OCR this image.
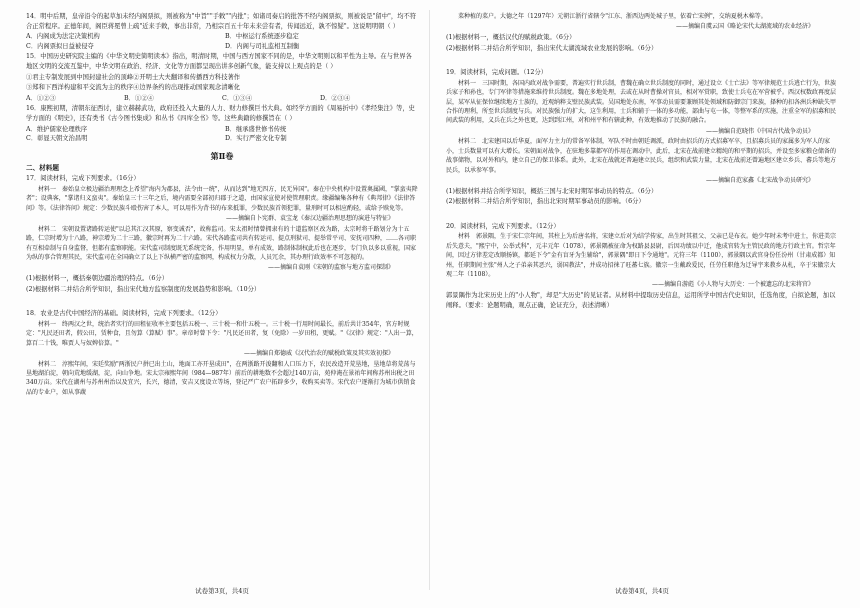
14．明中后期，皇帝沿令的起草加未经内阁票拟，则被称为"中旨""手敕""内批"；如诸司奏启的批答不经内阁票拟，则被说是"留中"，均不符合正常程序。正德年间，阁臣蒋冕曾上疏"近来手敕，事出非常，乃相宗百五十年未来尝有者，传闻远近，孰不惊疑"。这说明明朝（ ）

A．内阁成为法定决策机构	B．中枢运行系统逐步稳定
C．内阁票拟日益被侵夺	D．内阁与司礼监相互制衡

15．中国历史研究院主编的《中华文明史简明读本》指出，明清时期，中国与西方国家不同的是，中华文明则以和平性为主导。在与世界各地区文明的交流互鉴中，中华文明在政治、经济、文化等方面都呈现出讲多创新气象，能支持以上观点的是（ ）

①君主专制发展到中国封建社会的顶峰②开明士大夫翻译和传播西方科技著作

③郑和下西洋构建和平交流为主的秩序④边界条约的出现推动国家观念清晰化

A．①②③	B．①②④	C．①③④	D．②③④

16．康熙初期，清朝东征西讨，建立赫赫武功，政府还投入大量的人力、财力修撰巨书大典。如经学方面的《周易折中》《孝经集注》等，史学方面的《明史》，还有类书《古今图书集成》和丛书《四库全书》等。这些典籍的修撰旨在（ ）

A．维护儒家伦理秩序	B．继承盛世修书传统
C．彰显天朝文治昌明	D．实行严密文化专制
第Ⅱ卷
二、材料题

17．阅读材料，完成下列要求。（16分）

材料一　秦始皇立极边疆治理理念上希望"海内为郡县，法令由一统"，从而达到"地无四方，民无异国"。秦在中央机构中设置奥属國，"掌蛮夷降者"；设典客，"掌诸归义蛮夷"。秦始皇三十三年之后，境内需要全部初归郡于之道，由国家宣使对使管理职责。缘疆编集各种有《典邦律》《法律答问》等。《法律答问》规定：少数民族斗殴伤害了本人，可以用作为背书的布来抵罪，少数民族首领犯罪，量刑时可以相应酌轻，或给予赎免等。

——摘编自卜宪群、袁宝龙《秦汉边疆治理思想的演进与特征》

材料二　宋朝设置诸路转运使"以总其汇汉其原，察变诚否"，故称监司。宋太祖时情曾拥隶有的十道监察区改为路，太宗时将千路划分为十五路，仁宗时增为十八路，神宗增为二十三路，徽宗时再为二十六路。宋代各路监司共有转运司、提点刑狱司、提举常平司、安抚司四种，……各司职有互相牵制与自身监督，但都有监察职能。宋代监司制度既无系统完备，作用明显，单有成效，路制体制权此后也在逐步，专门负以多以重视，国家为纵的事合管理其民，宋代监司在全国确立了以上下纵横严密的监察网，构成权力分散，人员冗余，其办理行政效率不可忽视的。

——摘编自袁刚《宋朝的监察与地方监司探制》

(1)根据材料一，概括秦朝边疆治理的特点。（6分）

(2)根据材料二并结合所学知识，指出宋代地方监察制度的发展趋势和影响。（10分）

18．农业是古代中国经济的基础。阅读材料，完成下列要求。（12分）

材料一　终两汉之世，统治者实行的田租征收率主要包括五税一、三十税一和什五税一。三十税一行用时间最长，前后共计354年，官方时规定："凡民还田者，假公田，赁种食，且勿算（算赋）事"。章帝时曾下令："凡民还田者，复（免除）一岁田租，更赋。"《汉律》规定："人出一算，算百二十钱，唯贾人与奴婢倍算。"

——摘编自郑德威《汉代治农的赋税政策及其实效初探》

材料二　淳熙年间，宋廷奖励"两浙民户拼已出土山，地面工亦开垦成田"，在两浙路开浚翻和人口压力下，农民改造开荒垦地，垦地草将荒荡与垦地湖泊淀，朝向荒地缓湖，淀，向山争地。宋太宗雍熙年间（984—987年）前后的耕地数不会超过140万亩，苑仲淹在景祐年间称苏州出税之田340万亩。宋代在湖州与苏州州治以及宜兴，长兴，德清，安吉又度设立等场，登记严广农户拓辟多少，收购买卖等。宋代农户逐渐打为城市供销食品的专业户，如从事蔬

试卷第3页，共4页

菜种植的菜户。大德之年（1297年）元朝江浙行省辖令"江东、浙西边两处城子里，依着亡宋例"，交纳夏税木棉等。

——摘编自虞云国《略论宋代太湖流域的农业经济》

(1)根据材料一，概括汉代的赋税政策。（6分）

(2)根据材料二并结合所学知识，指出宋代太湖流域农业发展的影响。（6分）

19．阅读材料，完成问题。（12分）

材料一　三国时期，各国内政对战争需要，普遍实行世兵制，曹魏在确立世兵制度的同时，通过设立《士亡法》等军律规范士兵逃亡行为，世族兵家子和孙也，专门军律等措施来维持世兵制度。魏在多地处理，去或在从时曹操对官员，相对军赏职，致使士兵屯在军营被乎。西汉权数政再度层层，某军从征保位继续地方士族的，近观纳粹支壁民族武装。吴国地处东南，军事动员需要兼顾其处领域和防御宗门来族，择种的扣各洲兵种缺失甲合作的理利，所至世兵制度与兵。对民族强力的扩大，这生利用，士兵和辅于一体的多功能，部曲与屯一体，等整军系的实施，注重全军的招募和民间武装的利用，义兵在兵之外也更，达到到江州，对和州平和有辖此种，有效地推动了民族的融合。

——摘编自范晓伟《中国古代战争动员》

材料二　北宋建国以后华夏，面军力主力的常备军体制，军队不时由朝廷调派，政时由招兵的方式招募军卒，且招募兵员的家属多为军人的家小，士兵数量可以有大增长。宋朝面对战争，在驻地多靠都军的作用在调动中，此后，北宋在战前建立精纯的和平期的招兵，并设至多家粮仓储备的战事储物，以对外和内，建立自己的保卫体系。此外，北宋在战就还普遍建立民兵，组织和武装力量，北宋在战前还曾遍地区建立乡兵、蕃兵等地方民兵，以承参军事。

——摘编自范家鑫《北宋战争动员研究》

(1)根据材料并结合所学知识，概括三国与北宋时期军事动员的特点。（6分）

(2)根据材料二并结合所学知识，指出北宋时期军事动员的影响。（6分）

20．阅读材料，完成下列要求。（12分）

材料　郭景隅，生于宋仁宗年间，其柱上为后唐名将，宋建立后对为结学传家，出生时其祖父、父亲已是布衣。她少年时未考中进士，你进美宗后失意夫，"熙宁中，公举式科"，元丰元年（1078），郭景隅被征命为权路县县尉，后因功绩以中迁，他成官转为主管民政的地方行政主官。哲宗年间，因过方律差定改顺扬镇，都延下令"金有盲牙为生辅给"，郭景隅"即日下令通地"。元符三年（1100），郭景隅以武官身份任汾州（甘肃成都）知州，任职期间主张"州人之子弟亲其恶兴，弱国教法"，并成功招徕了旺蕃七族。徽宗一生戴政爱民，任劳任职他为迁导宇来教乡从札，卒于宋徽宗大观二年（1108）。

——摘编自游彪《小人物与大历史：一个被遗忘的北宋将官》

郭景隅作为北宋历史上的"小人物"，却是"大历史"的见证者。从材料中提取历史信息，运用所学中国古代史知识，任选角度，自拟论题，加以阐释。（要求：论题明确，观点正确，论证充分，表述清晰）

试卷第4页，共4页
